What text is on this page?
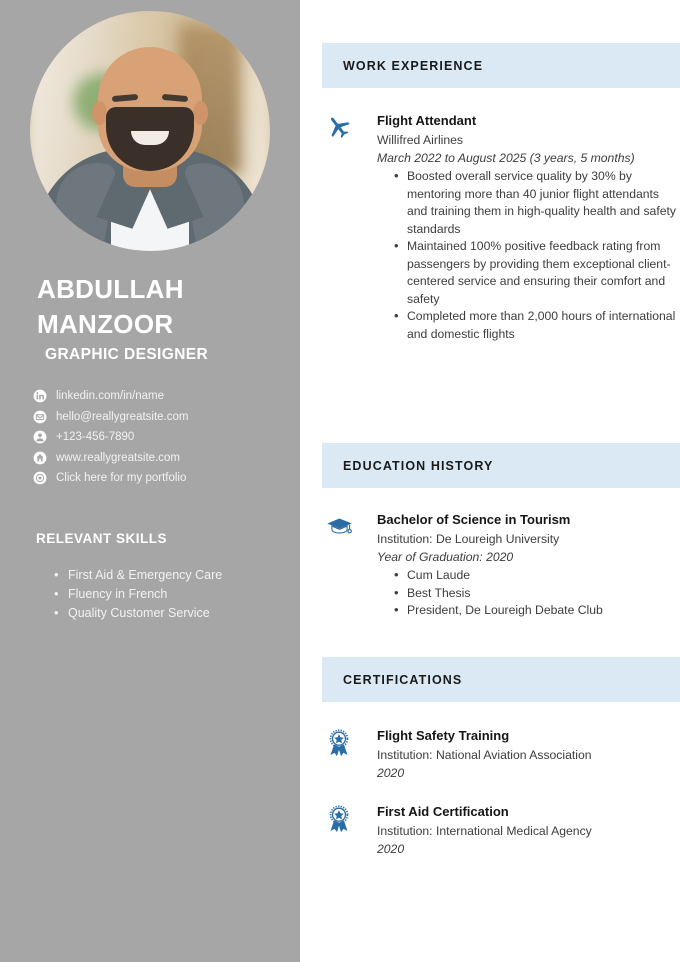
ABDULLAH
MANZOOR
GRAPHIC DESIGNER
linkedin.com/in/name
hello@reallygreatsite.com
+123-456-7890
www.reallygreatsite.com
Click here for my portfolio
RELEVANT SKILLS
• First Aid & Emergency Care
• Fluency in French
• Quality Customer Service
WORK EXPERIENCE
Flight Attendant
Willifred Airlines
March 2022 to August 2025 (3 years, 5 months)
• Boosted overall service quality by 30% by mentoring more than 40 junior flight attendants and training them in high-quality health and safety standards
• Maintained 100% positive feedback rating from passengers by providing them exceptional client-centered service and ensuring their comfort and safety
• Completed more than 2,000 hours of international and domestic flights
EDUCATION HISTORY
Bachelor of Science in Tourism
Institution: De Loureigh University
Year of Graduation: 2020
• Cum Laude
• Best Thesis
• President, De Loureigh Debate Club
CERTIFICATIONS
Flight Safety Training
Institution: National Aviation Association
2020
First Aid Certification
Institution: International Medical Agency
2020
